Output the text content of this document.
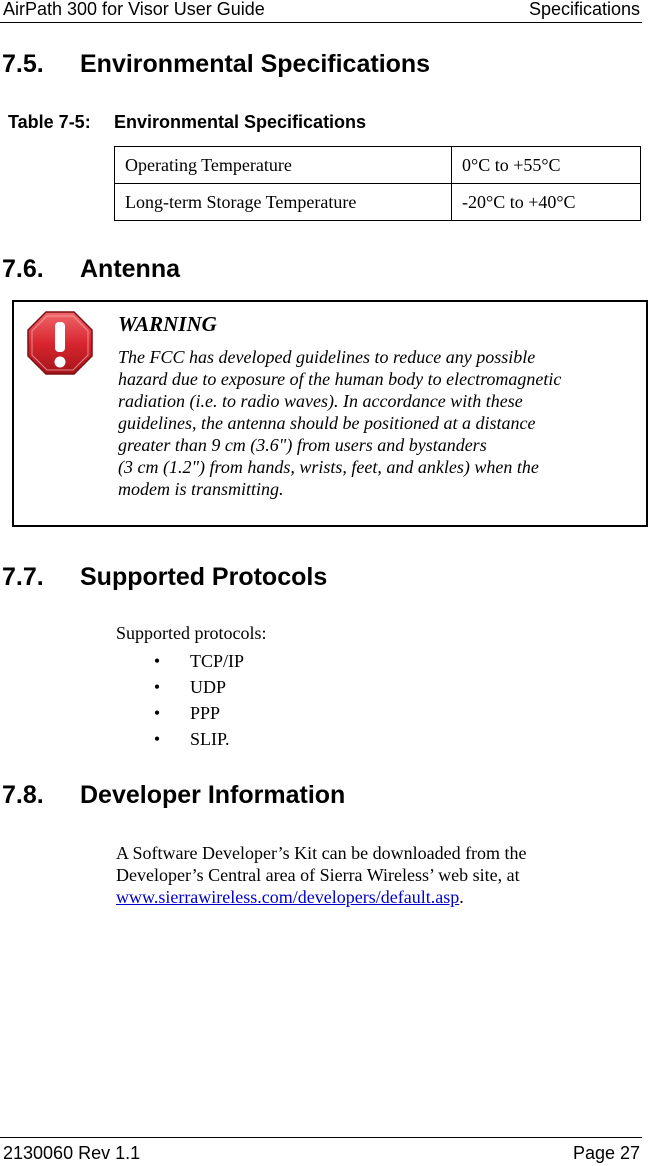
AirPath 300 for Visor User Guide	Specifications
7.5. Environmental Specifications
Table 7-5: Environmental Specifications
Operating Temperature	0°C to +55°C
Long-term Storage Temperature	-20°C to +40°C
7.6. Antenna
WARNING
The FCC has developed guidelines to reduce any possible
hazard due to exposure of the human body to electromagnetic
radiation (i.e. to radio waves). In accordance with these
guidelines, the antenna should be positioned at a distance
greater than 9 cm (3.6") from users and bystanders
(3 cm (1.2") from hands, wrists, feet, and ankles) when the
modem is transmitting.
7.7. Supported Protocols
Supported protocols:
• TCP/IP
• UDP
• PPP
• SLIP.
7.8. Developer Information
A Software Developer’s Kit can be downloaded from the
Developer’s Central area of Sierra Wireless’ web site, at
www.sierrawireless.com/developers/default.asp.
2130060 Rev 1.1	Page 27
